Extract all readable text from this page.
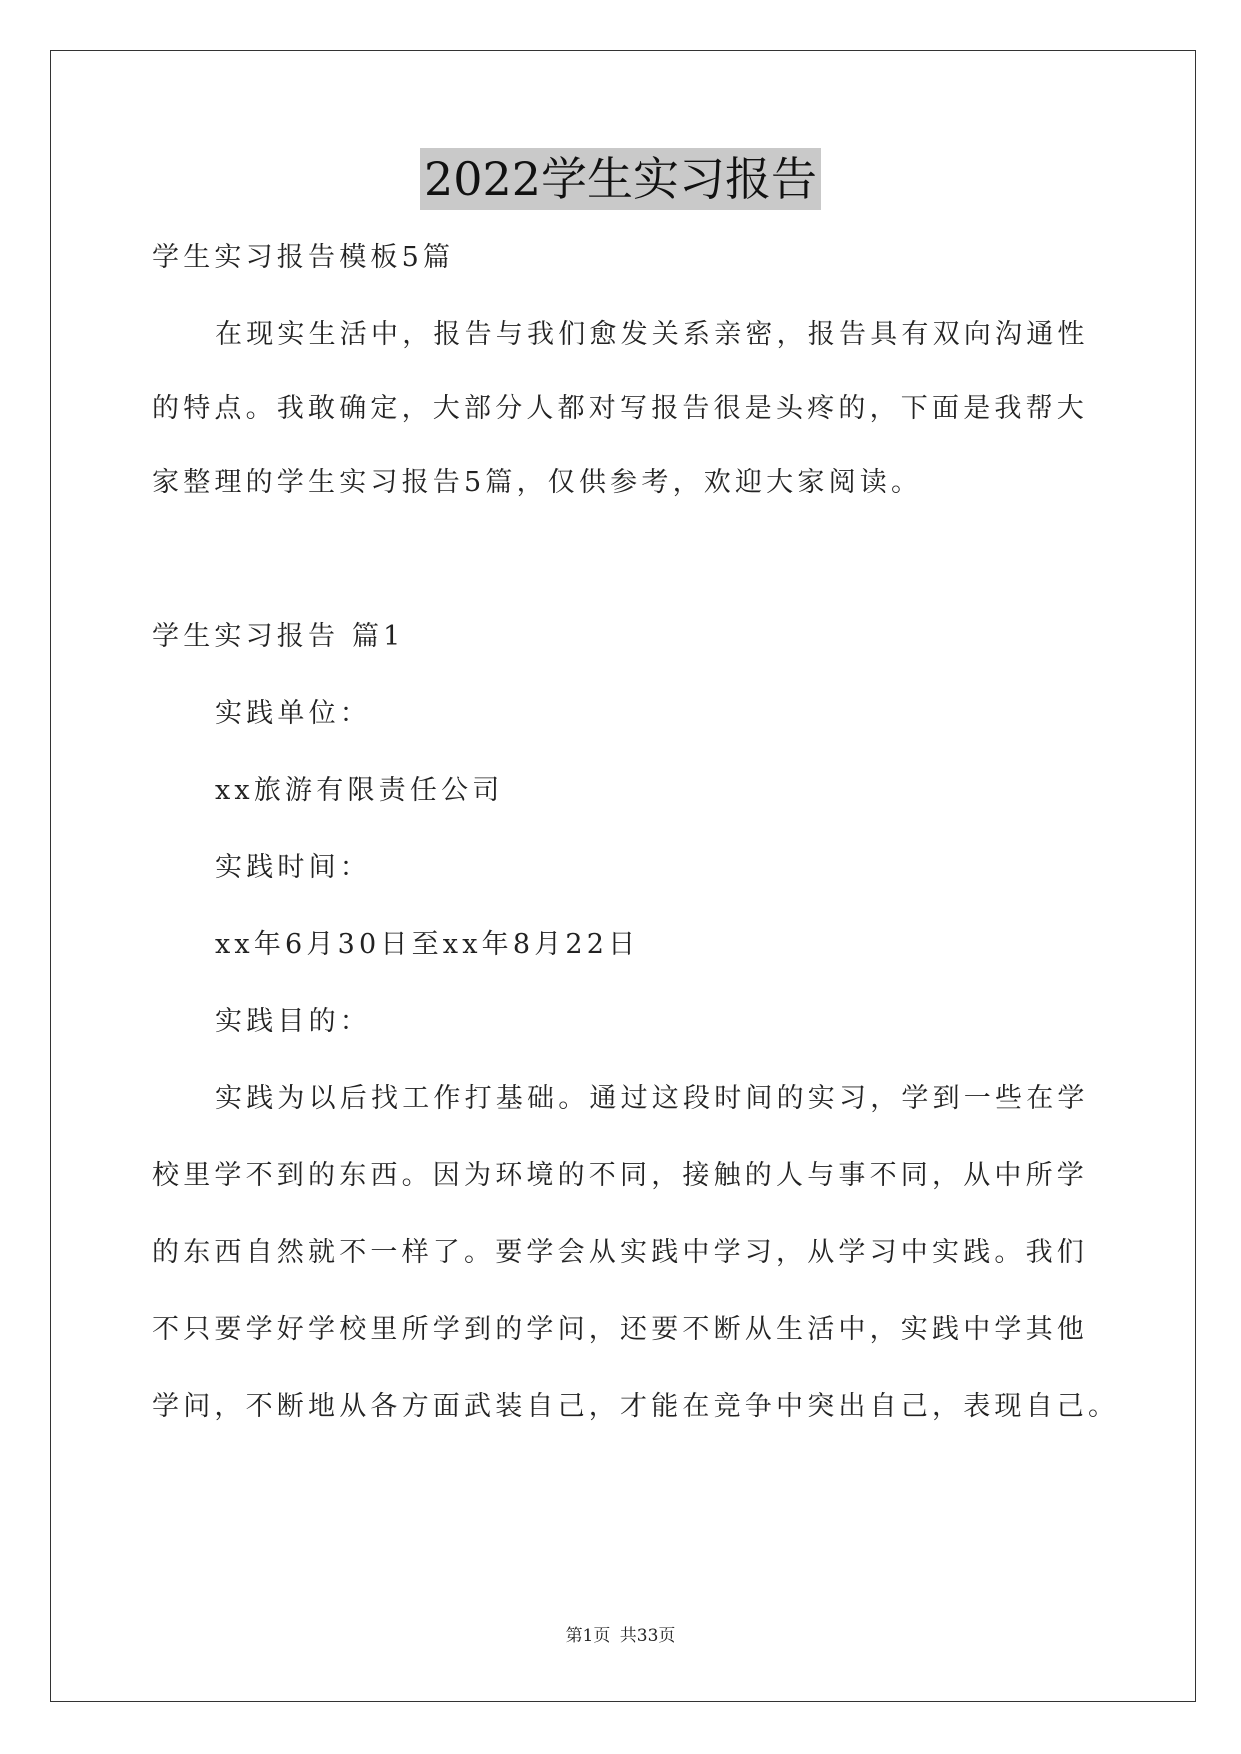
2022学生实习报告
学生实习报告模板5篇
在现实生活中，报告与我们愈发关系亲密，报告具有双向沟通性
的特点。我敢确定，大部分人都对写报告很是头疼的，下面是我帮大
家整理的学生实习报告5篇，仅供参考，欢迎大家阅读。
学生实习报告 篇1
实践单位：
xx旅游有限责任公司
实践时间：
xx年6月30日至xx年8月22日
实践目的：
实践为以后找工作打基础。通过这段时间的实习，学到一些在学
校里学不到的东西。因为环境的不同，接触的人与事不同，从中所学
的东西自然就不一样了。要学会从实践中学习，从学习中实践。我们
不只要学好学校里所学到的学问，还要不断从生活中，实践中学其他
学问，不断地从各方面武装自己，才能在竞争中突出自己，表现自己。
第1页 共33页
